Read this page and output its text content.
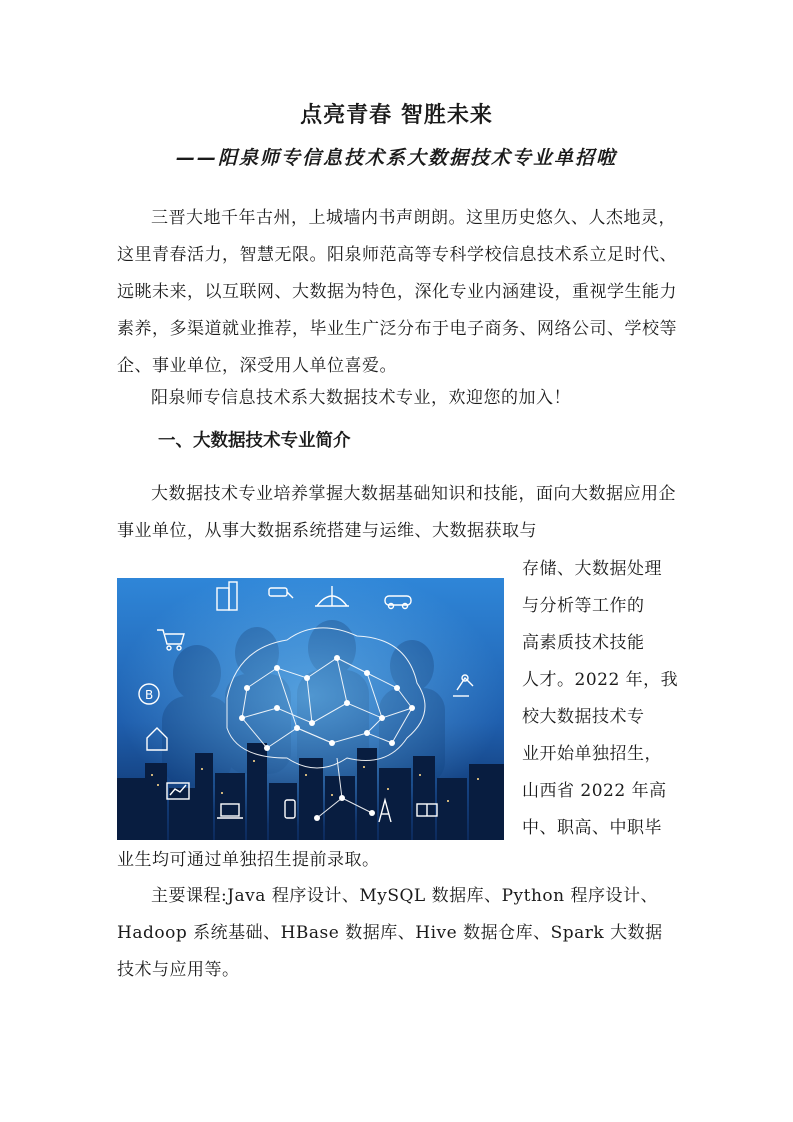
点亮青春 智胜未来
——阳泉师专信息技术系大数据技术专业单招啦

三晋大地千年古州，上城墙内书声朗朗。这里历史悠久、人杰地灵，这里青春活力，智慧无限。阳泉师范高等专科学校信息技术系立足时代、远眺未来，以互联网、大数据为特色，深化专业内涵建设，重视学生能力素养，多渠道就业推荐，毕业生广泛分布于电子商务、网络公司、学校等企、事业单位，深受用人单位喜爱。

阳泉师专信息技术系大数据技术专业，欢迎您的加入！

一、大数据技术专业简介

大数据技术专业培养掌握大数据基础知识和技能，面向大数据应用企事业单位，从事大数据系统搭建与运维、大数据获取与

存储、大数据处理
与分析等工作的
高素质技术技能
人才。2022 年，我
校大数据技术专
业开始单独招生，
山西省 2022 年高
中、职高、中职毕
B

业生均可通过单独招生提前录取。

主要课程:Java 程序设计、MySQL 数据库、Python 程序设计、Hadoop 系统基础、HBase 数据库、Hive 数据仓库、Spark 大数据技术与应用等。
